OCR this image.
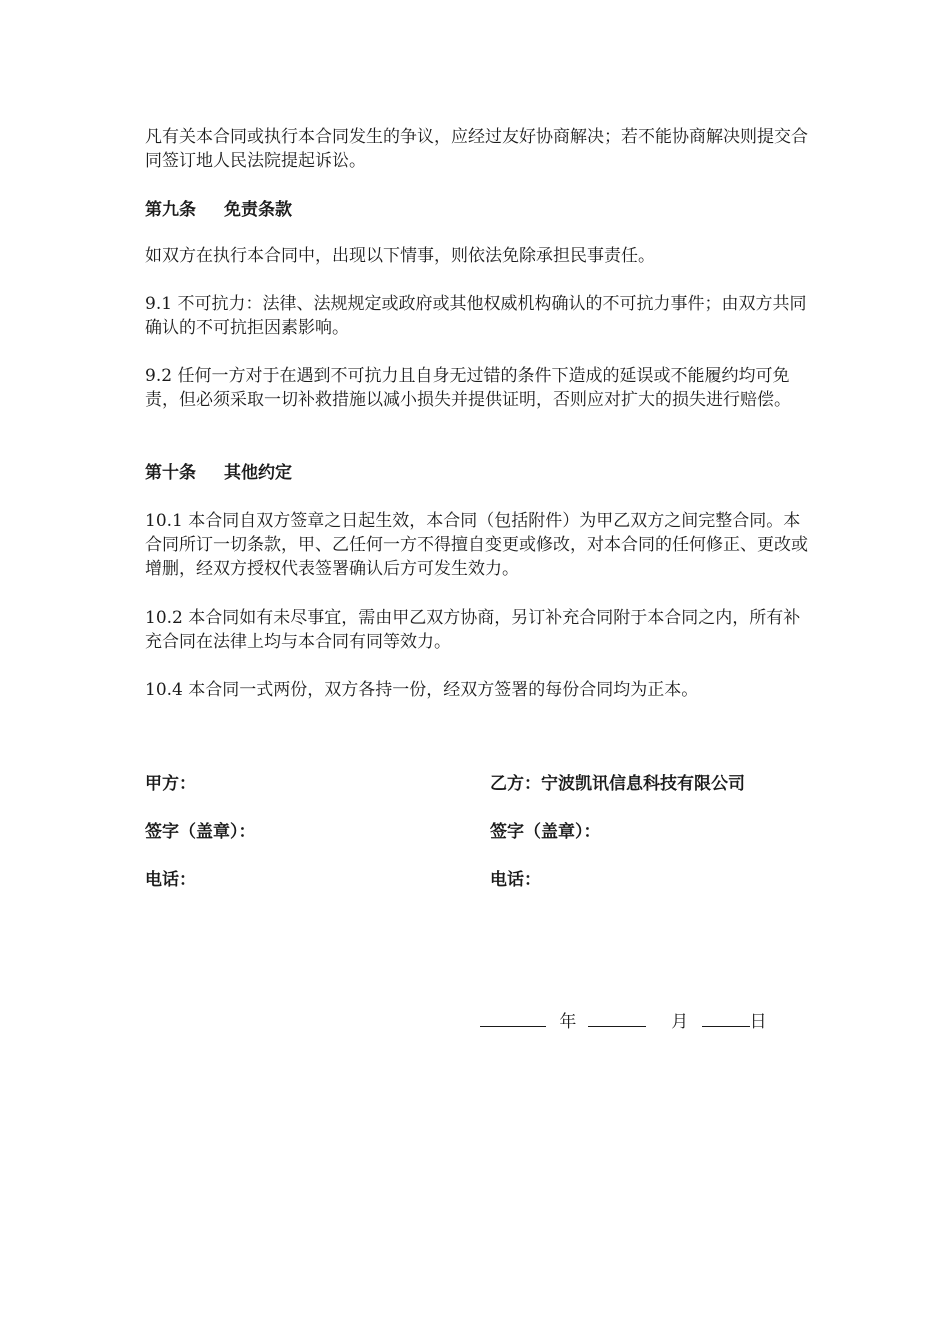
凡有关本合同或执行本合同发生的争议，应经过友好协商解决；若不能协商解决则提交合同签订地人民法院提起诉讼。

第九条 免责条款

如双方在执行本合同中，出现以下情事，则依法免除承担民事责任。

9.1 不可抗力：法律、法规规定或政府或其他权威机构确认的不可抗力事件；由双方共同确认的不可抗拒因素影响。

9.2 任何一方对于在遇到不可抗力且自身无过错的条件下造成的延误或不能履约均可免责，但必须采取一切补救措施以减小损失并提供证明，否则应对扩大的损失进行赔偿。

第十条 其他约定

10.1 本合同自双方签章之日起生效，本合同（包括附件）为甲乙双方之间完整合同。本合同所订一切条款，甲、乙任何一方不得擅自变更或修改，对本合同的任何修正、更改或增删，经双方授权代表签署确认后方可发生效力。

10.2 本合同如有未尽事宜，需由甲乙双方协商，另订补充合同附于本合同之内，所有补充合同在法律上均与本合同有同等效力。

10.4 本合同一式两份，双方各持一份，经双方签署的每份合同均为正本。

甲方：	乙方：宁波凯讯信息科技有限公司
签字（盖章）：	签字（盖章）：
电话：	电话：
年	月	日
